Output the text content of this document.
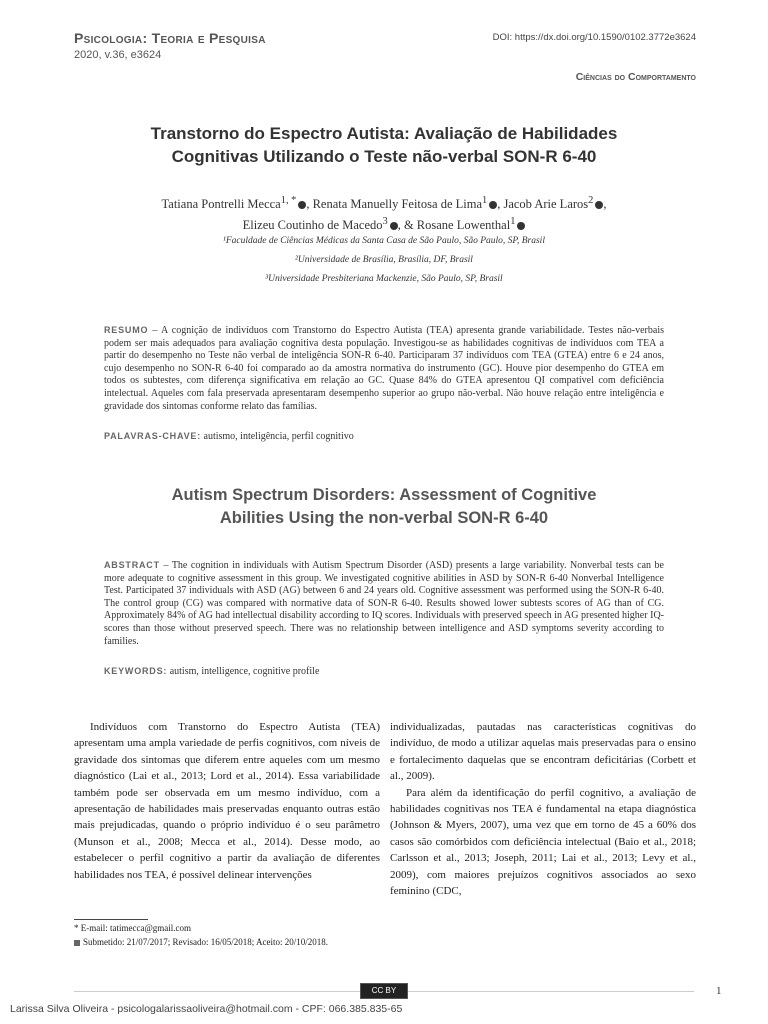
Psicologia: Teoria e Pesquisa
2020, v.36, e3624
DOI: https://dx.doi.org/10.1590/0102.3772e3624
Ciências do Comportamento
Transtorno do Espectro Autista: Avaliação de Habilidades
Cognitivas Utilizando o Teste não-verbal SON-R 6-40
Tatiana Pontrelli Mecca$^{1, *}$ , Renata Manuelly Feitosa de Lima$^1$ , Jacob Arie Laros$^2$ ,
Elizeu Coutinho de Macedo$^3$ , & Rosane Lowenthal$^1$
¹Faculdade de Ciências Médicas da Santa Casa de São Paulo, São Paulo, SP, Brasil
²Universidade de Brasília, Brasília, DF, Brasil
³Universidade Presbiteriana Mackenzie, São Paulo, SP, Brasil
RESUMO – A cognição de indivíduos com Transtorno do Espectro Autista (TEA) apresenta grande variabilidade. Testes não-verbais podem ser mais adequados para avaliação cognitiva desta população. Investigou-se as habilidades cognitivas de indivíduos com TEA a partir do desempenho no Teste não verbal de inteligência SON-R 6-40. Participaram 37 indivíduos com TEA (GTEA) entre 6 e 24 anos, cujo desempenho no SON-R 6-40 foi comparado ao da amostra normativa do instrumento (GC). Houve pior desempenho do GTEA em todos os subtestes, com diferença significativa em relação ao GC. Quase 84% do GTEA apresentou QI compatível com deficiência intelectual. Aqueles com fala preservada apresentaram desempenho superior ao grupo não-verbal. Não houve relação entre inteligência e gravidade dos sintomas conforme relato das famílias.
PALAVRAS-CHAVE: autismo, inteligência, perfil cognitivo
Autism Spectrum Disorders: Assessment of Cognitive
Abilities Using the non-verbal SON-R 6-40
ABSTRACT – The cognition in individuals with Autism Spectrum Disorder (ASD) presents a large variability. Nonverbal tests can be more adequate to cognitive assessment in this group. We investigated cognitive abilities in ASD by SON-R 6-40 Nonverbal Intelligence Test. Participated 37 individuals with ASD (AG) between 6 and 24 years old. Cognitive assessment was performed using the SON-R 6-40. The control group (CG) was compared with normative data of SON-R 6-40. Results showed lower subtests scores of AG than of CG. Approximately 84% of AG had intellectual disability according to IQ scores. Individuals with preserved speech in AG presented higher IQ-scores than those without preserved speech. There was no relationship between intelligence and ASD symptoms severity according to families.
KEYWORDS: autism, intelligence, cognitive profile

Indivíduos com Transtorno do Espectro Autista (TEA) apresentam uma ampla variedade de perfis cognitivos, com níveis de gravidade dos sintomas que diferem entre aqueles com um mesmo diagnóstico (Lai et al., 2013; Lord et al., 2014). Essa variabilidade também pode ser observada em um mesmo indivíduo, com a apresentação de habilidades mais preservadas enquanto outras estão mais prejudicadas, quando o próprio indivíduo é o seu parâmetro (Munson et al., 2008; Mecca et al., 2014). Desse modo, ao estabelecer o perfil cognitivo a partir da avaliação de diferentes habilidades nos TEA, é possível delinear intervenções

individualizadas, pautadas nas características cognitivas do indivíduo, de modo a utilizar aquelas mais preservadas para o ensino e fortalecimento daquelas que se encontram deficitárias (Corbett et al., 2009).

Para além da identificação do perfil cognitivo, a avaliação de habilidades cognitivas nos TEA é fundamental na etapa diagnóstica (Johnson & Myers, 2007), uma vez que em torno de 45 a 60% dos casos são comórbidos com deficiência intelectual (Baio et al., 2018; Carlsson et al., 2013; Joseph, 2011; Lai et al., 2013; Levy et al., 2009), com maiores prejuízos cognitivos associados ao sexo feminino (CDC,

* E-mail: tatimecca@gmail.com
Submetido: 21/07/2017; Revisado: 16/05/2018; Aceito: 20/10/2018.
CC BY	1
Larissa Silva Oliveira - psicologalarissaoliveira@hotmail.com - CPF: 066.385.835-65
